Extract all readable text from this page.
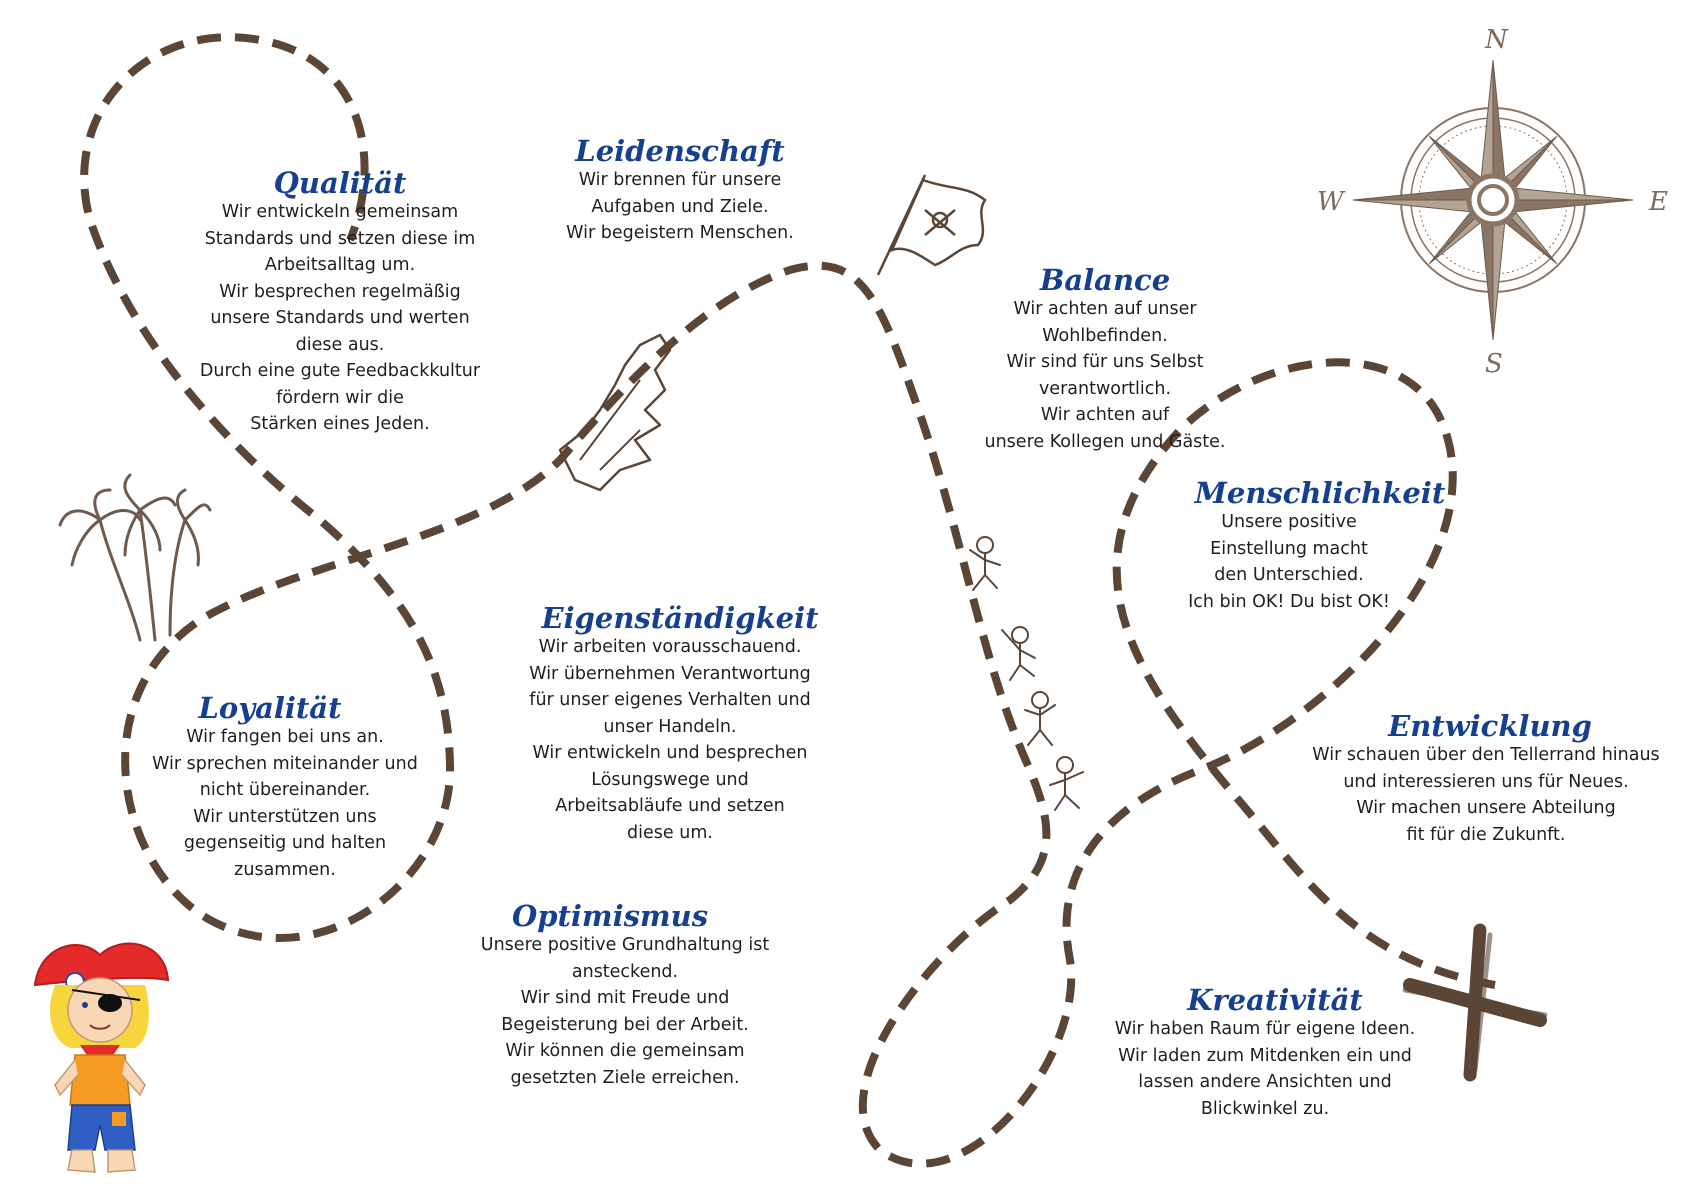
N
E
S
W
Qualität
Wir entwickeln gemeinsam
Standards und setzen diese im
Arbeitsalltag um.
Wir besprechen regelmäßig
unsere Standards und werten
diese aus.
Durch eine gute Feedbackkultur
fördern wir die
Stärken eines Jeden.
Leidenschaft
Wir brennen für unsere
Aufgaben und Ziele.
Wir begeistern Menschen.
Balance
Wir achten auf unser
Wohlbefinden.
Wir sind für uns Selbst
verantwortlich.
Wir achten auf
unsere Kollegen und Gäste.
Menschlichkeit
Unsere positive
Einstellung macht
den Unterschied.
Ich bin OK! Du bist OK!
Eigenständigkeit
Wir arbeiten vorausschauend.
Wir übernehmen Verantwortung
für unser eigenes Verhalten und
unser Handeln.
Wir entwickeln und besprechen
Lösungswege und
Arbeitsabläufe und setzen
diese um.
Loyalität
Wir fangen bei uns an.
Wir sprechen miteinander und
nicht übereinander.
Wir unterstützen uns
gegenseitig und halten
zusammen.
Entwicklung
Wir schauen über den Tellerrand hinaus
und interessieren uns für Neues.
Wir machen unsere Abteilung
fit für die Zukunft.
Optimismus
Unsere positive Grundhaltung ist
ansteckend.
Wir sind mit Freude und
Begeisterung bei der Arbeit.
Wir können die gemeinsam
gesetzten Ziele erreichen.
Kreativität
Wir haben Raum für eigene Ideen.
Wir laden zum Mitdenken ein und
lassen andere Ansichten und
Blickwinkel zu.
